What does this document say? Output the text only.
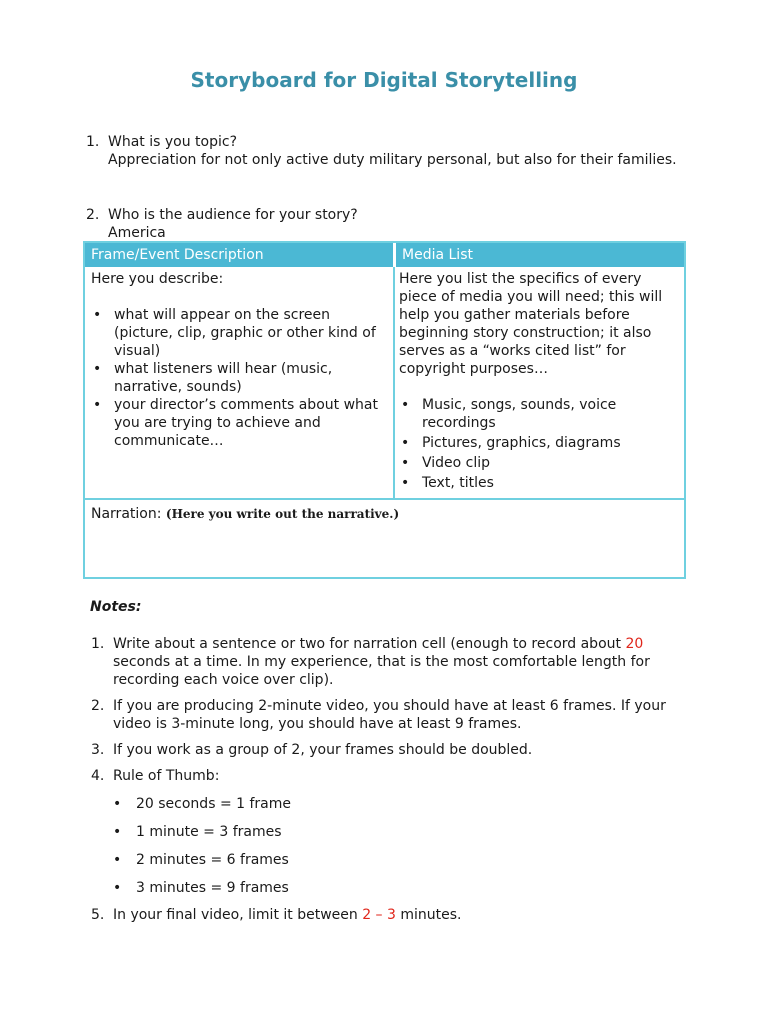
Storyboard for Digital Storytelling
1. What is you topic?
Appreciation for not only active duty military personal, but also for their families.
2. Who is the audience for your story?
America
Frame/Event Description	Media List
Here you describe:
• what will appear on the screen (picture, clip, graphic or other kind of visual)
• what listeners will hear (music, narrative, sounds)
• your director’s comments about what you are trying to achieve and communicate…
Here you list the specifics of every piece of media you will need; this will help you gather materials before beginning story construction; it also serves as a “works cited list” for copyright purposes…
• Music, songs, sounds, voice recordings
• Pictures, graphics, diagrams
• Video clip
• Text, titles
Narration: (Here you write out the narrative.)
Notes:
1. Write about a sentence or two for narration cell (enough to record about 20 seconds at a time. In my experience, that is the most comfortable length for recording each voice over clip).
2. If you are producing 2-minute video, you should have at least 6 frames. If your video is 3-minute long, you should have at least 9 frames.
3. If you work as a group of 2, your frames should be doubled.
4. Rule of Thumb:
• 20 seconds = 1 frame
• 1 minute = 3 frames
• 2 minutes = 6 frames
• 3 minutes = 9 frames
5. In your final video, limit it between 2 – 3 minutes.
